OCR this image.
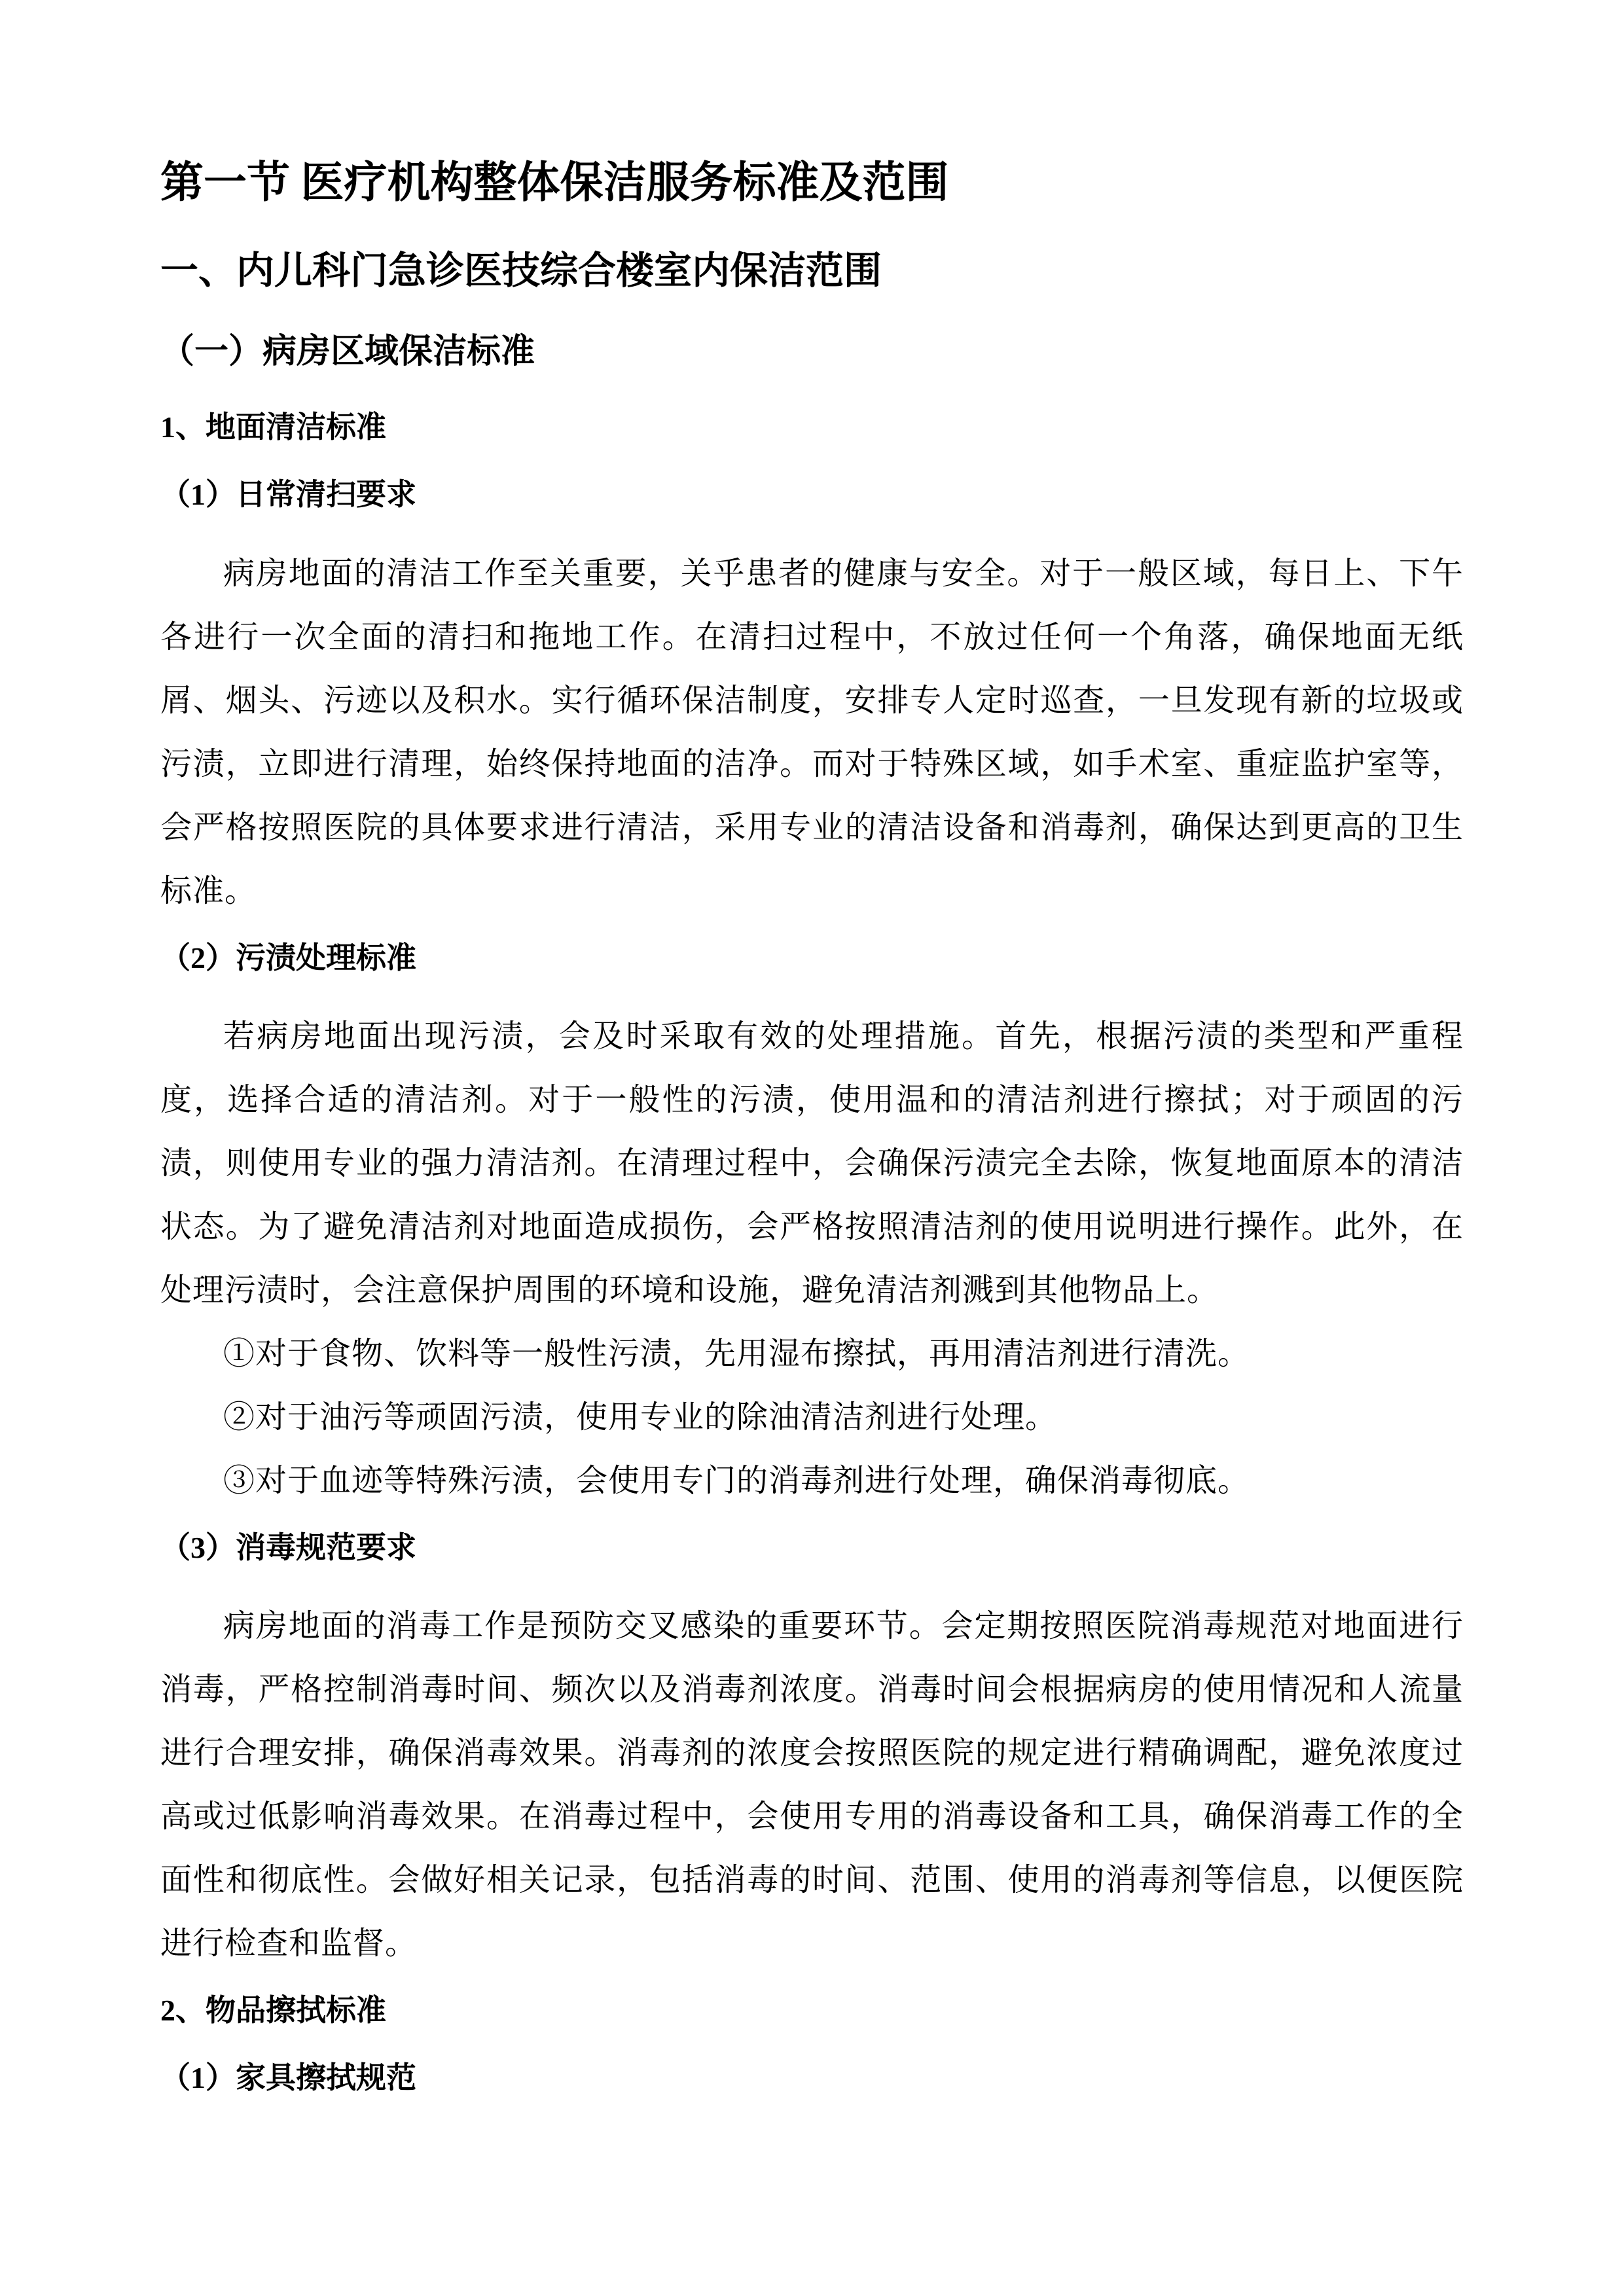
第一节 医疗机构整体保洁服务标准及范围
一、内儿科门急诊医技综合楼室内保洁范围
（一）病房区域保洁标准
1、地面清洁标准
（1）日常清扫要求

病房地面的清洁工作至关重要，关乎患者的健康与安全。对于一般区域，每日上、下午各进行一次全面的清扫和拖地工作。在清扫过程中，不放过任何一个角落，确保地面无纸屑、烟头、污迹以及积水。实行循环保洁制度，安排专人定时巡查，一旦发现有新的垃圾或污渍，立即进行清理，始终保持地面的洁净。而对于特殊区域，如手术室、重症监护室等，会严格按照医院的具体要求进行清洁，采用专业的清洁设备和消毒剂，确保达到更高的卫生标准。

（2）污渍处理标准

若病房地面出现污渍，会及时采取有效的处理措施。首先，根据污渍的类型和严重程度，选择合适的清洁剂。对于一般性的污渍，使用温和的清洁剂进行擦拭；对于顽固的污渍，则使用专业的强力清洁剂。在清理过程中，会确保污渍完全去除，恢复地面原本的清洁状态。为了避免清洁剂对地面造成损伤，会严格按照清洁剂的使用说明进行操作。此外，在处理污渍时，会注意保护周围的环境和设施，避免清洁剂溅到其他物品上。

①对于食物、饮料等一般性污渍，先用湿布擦拭，再用清洁剂进行清洗。

②对于油污等顽固污渍，使用专业的除油清洁剂进行处理。

③对于血迹等特殊污渍，会使用专门的消毒剂进行处理，确保消毒彻底。

（3）消毒规范要求

病房地面的消毒工作是预防交叉感染的重要环节。会定期按照医院消毒规范对地面进行消毒，严格控制消毒时间、频次以及消毒剂浓度。消毒时间会根据病房的使用情况和人流量进行合理安排，确保消毒效果。消毒剂的浓度会按照医院的规定进行精确调配，避免浓度过高或过低影响消毒效果。在消毒过程中，会使用专用的消毒设备和工具，确保消毒工作的全面性和彻底性。会做好相关记录，包括消毒的时间、范围、使用的消毒剂等信息，以便医院进行检查和监督。

2、物品擦拭标准
（1）家具擦拭规范
